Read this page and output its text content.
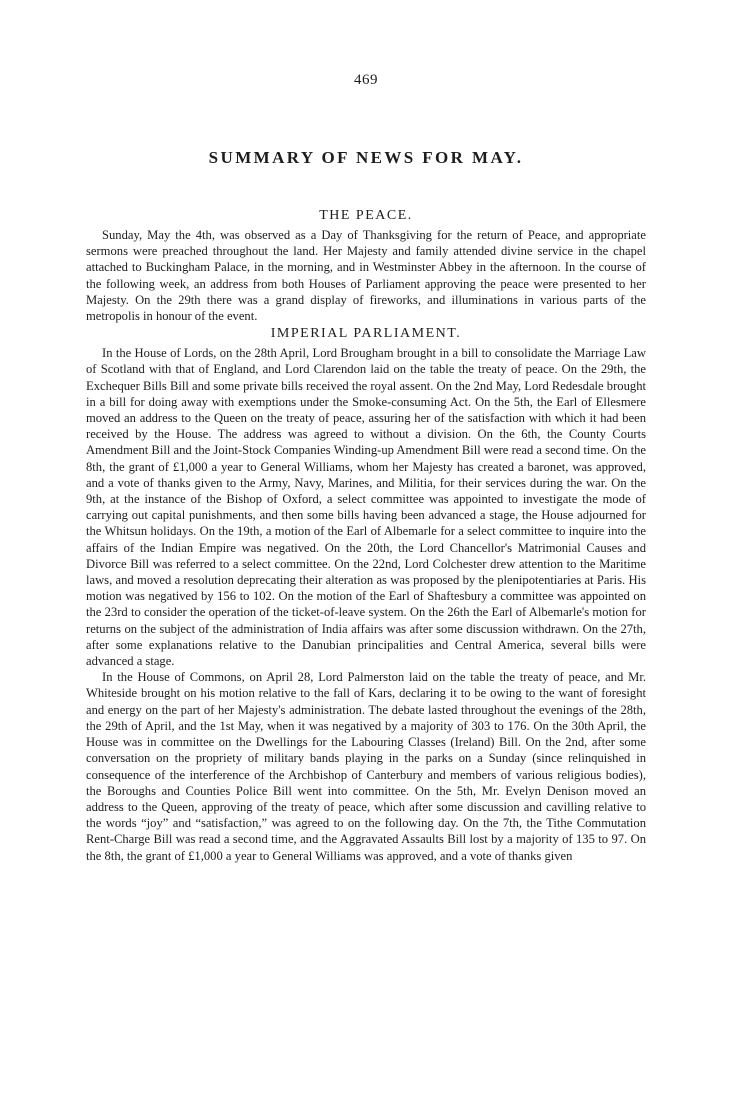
469
SUMMARY OF NEWS FOR MAY.
THE PEACE.

Sunday, May the 4th, was observed as a Day of Thanksgiving for the return of Peace, and appropriate sermons were preached throughout the land. Her Majesty and family attended divine service in the chapel attached to Buckingham Palace, in the morning, and in Westminster Abbey in the afternoon. In the course of the following week, an address from both Houses of Parliament approving the peace were presented to her Majesty. On the 29th there was a grand display of fireworks, and illuminations in various parts of the metropolis in honour of the event.

IMPERIAL PARLIAMENT.

In the House of Lords, on the 28th April, Lord Brougham brought in a bill to consolidate the Marriage Law of Scotland with that of England, and Lord Clarendon laid on the table the treaty of peace. On the 29th, the Exchequer Bills Bill and some private bills received the royal assent. On the 2nd May, Lord Redesdale brought in a bill for doing away with exemptions under the Smoke-consuming Act. On the 5th, the Earl of Ellesmere moved an address to the Queen on the treaty of peace, assuring her of the satisfaction with which it had been received by the House. The address was agreed to without a division. On the 6th, the County Courts Amendment Bill and the Joint-Stock Companies Winding-up Amendment Bill were read a second time. On the 8th, the grant of £1,000 a year to General Williams, whom her Majesty has created a baronet, was approved, and a vote of thanks given to the Army, Navy, Marines, and Militia, for their services during the war. On the 9th, at the instance of the Bishop of Oxford, a select committee was appointed to investigate the mode of carrying out capital punishments, and then some bills having been advanced a stage, the House adjourned for the Whitsun holidays. On the 19th, a motion of the Earl of Albemarle for a select committee to inquire into the affairs of the Indian Empire was negatived. On the 20th, the Lord Chancellor's Matrimonial Causes and Divorce Bill was referred to a select committee. On the 22nd, Lord Colchester drew attention to the Maritime laws, and moved a resolution deprecating their alteration as was proposed by the plenipotentiaries at Paris. His motion was negatived by 156 to 102. On the motion of the Earl of Shaftesbury a committee was appointed on the 23rd to consider the operation of the ticket-of-leave system. On the 26th the Earl of Albemarle's motion for returns on the subject of the administration of India affairs was after some discussion withdrawn. On the 27th, after some explanations relative to the Danubian principalities and Central America, several bills were advanced a stage.

In the House of Commons, on April 28, Lord Palmerston laid on the table the treaty of peace, and Mr. Whiteside brought on his motion relative to the fall of Kars, declaring it to be owing to the want of foresight and energy on the part of her Majesty's administration. The debate lasted throughout the evenings of the 28th, the 29th of April, and the 1st May, when it was negatived by a majority of 303 to 176. On the 30th April, the House was in committee on the Dwellings for the Labouring Classes (Ireland) Bill. On the 2nd, after some conversation on the propriety of military bands playing in the parks on a Sunday (since relinquished in consequence of the interference of the Archbishop of Canterbury and members of various religious bodies), the Boroughs and Counties Police Bill went into committee. On the 5th, Mr. Evelyn Denison moved an address to the Queen, approving of the treaty of peace, which after some discussion and cavilling relative to the words “joy” and “satisfaction,” was agreed to on the following day. On the 7th, the Tithe Commutation Rent-Charge Bill was read a second time, and the Aggravated Assaults Bill lost by a majority of 135 to 97. On the 8th, the grant of £1,000 a year to General Williams was approved, and a vote of thanks given
